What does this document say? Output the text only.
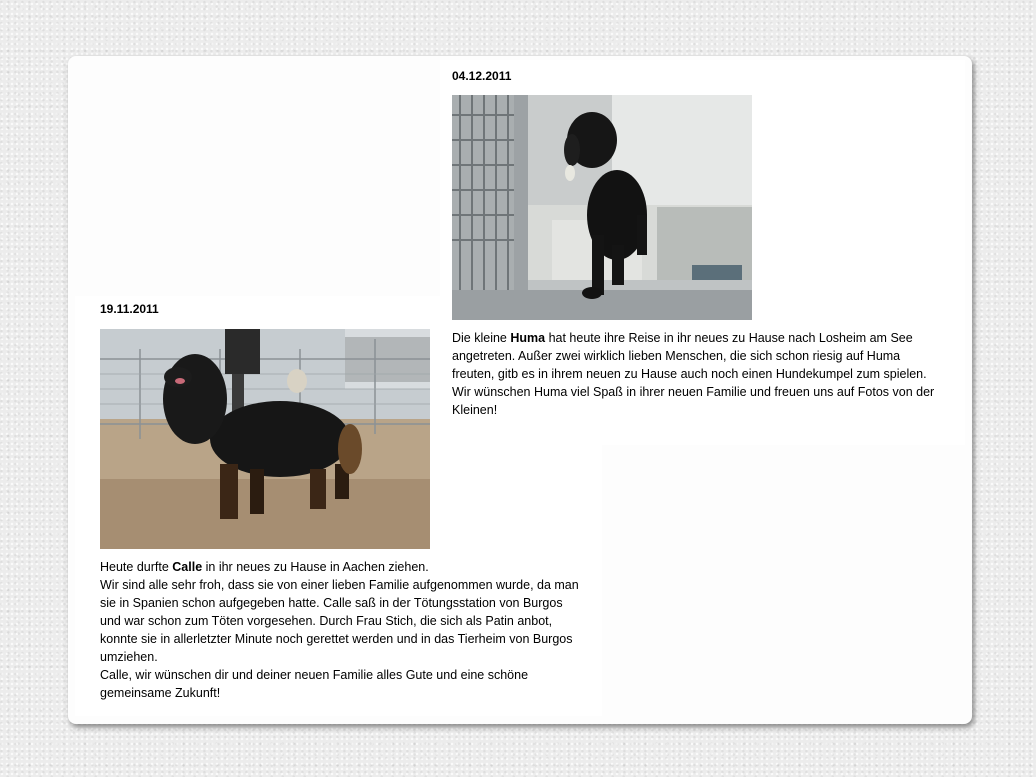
04.12.2011

Die kleine Huma hat heute ihre Reise in ihr neues zu Hause nach Losheim am See angetreten. Außer zwei wirklich lieben Menschen, die sich schon riesig auf Huma freuten, gitb es in ihrem neuen zu Hause auch noch einen Hundekumpel zum spielen.

Wir wünschen Huma viel Spaß in ihrer neuen Familie und freuen uns auf Fotos von der Kleinen!

19.11.2011

Heute durfte Calle in ihr neues zu Hause in Aachen ziehen.

Wir sind alle sehr froh, dass sie von einer lieben Familie aufgenommen wurde, da man sie in Spanien schon aufgegeben hatte. Calle saß in der Tötungsstation von Burgos und war schon zum Töten vorgesehen. Durch Frau Stich, die sich als Patin anbot, konnte sie in allerletzter Minute noch gerettet werden und in das Tierheim von Burgos umziehen.

Calle, wir wünschen dir und deiner neuen Familie alles Gute und eine schöne gemeinsame Zukunft!
